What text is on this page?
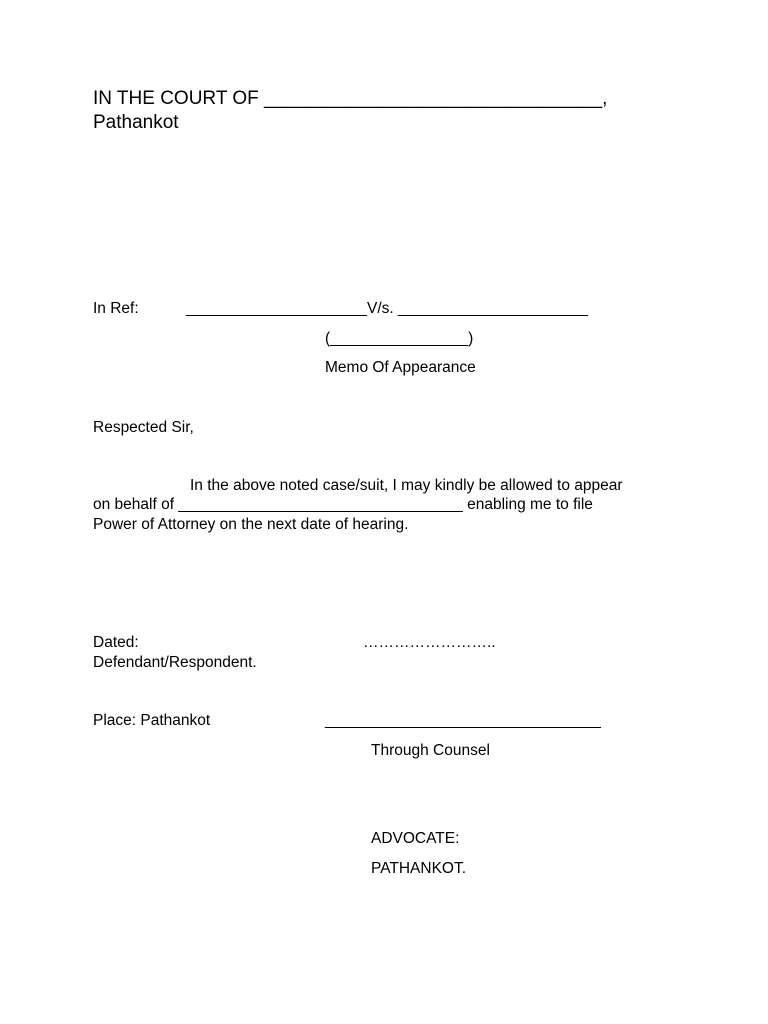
IN THE COURT OF ________________________________,
Pathankot
In Ref:	_____________________V/s. ______________________
(________________)
Memo Of Appearance
Respected Sir,
In the above noted case/suit, I may kindly be allowed to appear
on behalf of _________________________________ enabling me to file
Power of Attorney on the next date of hearing.
Dated:	……………………..
Defendant/Respondent.
Place: Pathankot	________________________________
Through Counsel
ADVOCATE:
PATHANKOT.
